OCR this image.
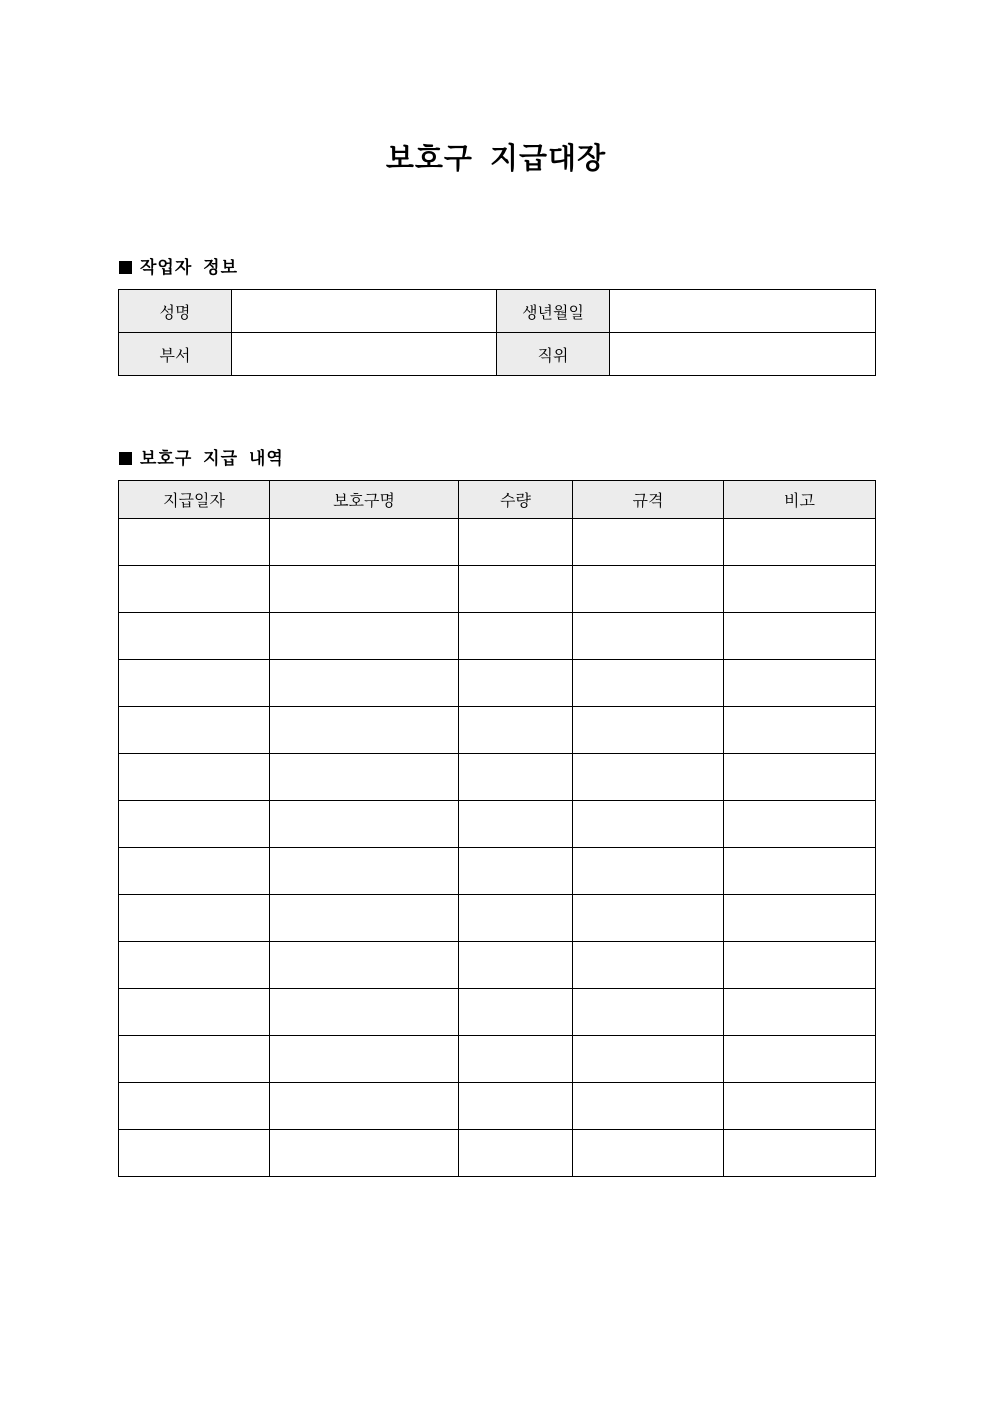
보호구 지급대장
작업자 정보
성명		생년월일	
부서		직위	
보호구 지급 내역
지급일자	보호구명	수량	규격	비고
